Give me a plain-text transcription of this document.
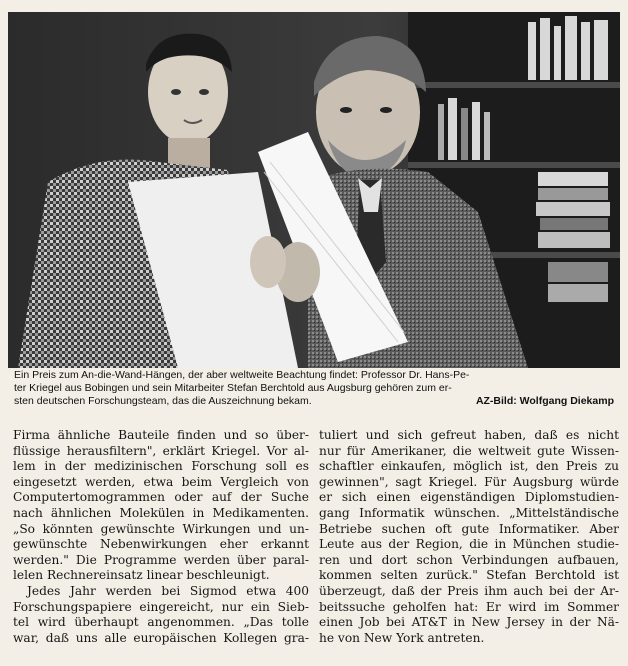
Ein Preis zum An-die-Wand-Hängen, der aber weltweite Beachtung findet: Professor Dr. Hans-Pe-
ter Kriegel aus Bobingen und sein Mitarbeiter Stefan Berchtold aus Augsburg gehören zum er-
sten deutschen Forschungsteam, das die Auszeichnung bekam.	AZ-Bild: Wolfgang Diekamp
Firma ähnliche Bauteile finden und so über-
flüssige herausfiltern", erklärt Kriegel. Vor al-
lem in der medizinischen Forschung soll es
eingesetzt werden, etwa beim Vergleich von
Computertomogrammen oder auf der Suche
nach ähnlichen Molekülen in Medikamenten.
„So könnten gewünschte Wirkungen und un-
gewünschte Nebenwirkungen eher erkannt
werden." Die Programme werden über paral-
lelen Rechnereinsatz linear beschleunigt.
Jedes Jahr werden bei Sigmod etwa 400
Forschungspapiere eingereicht, nur ein Sieb-
tel wird überhaupt angenommen. „Das tolle
war, daß uns alle europäischen Kollegen gra-
tuliert und sich gefreut haben, daß es nicht
nur für Amerikaner, die weltweit gute Wissen-
schaftler einkaufen, möglich ist, den Preis zu
gewinnen", sagt Kriegel. Für Augsburg würde
er sich einen eigenständigen Diplomstudien-
gang Informatik wünschen. „Mittelständische
Betriebe suchen oft gute Informatiker. Aber
Leute aus der Region, die in München studie-
ren und dort schon Verbindungen aufbauen,
kommen selten zurück." Stefan Berchtold ist
überzeugt, daß der Preis ihm auch bei der Ar-
beitssuche geholfen hat: Er wird im Sommer
einen Job bei AT&T in New Jersey in der Nä-
he von New York antreten.
